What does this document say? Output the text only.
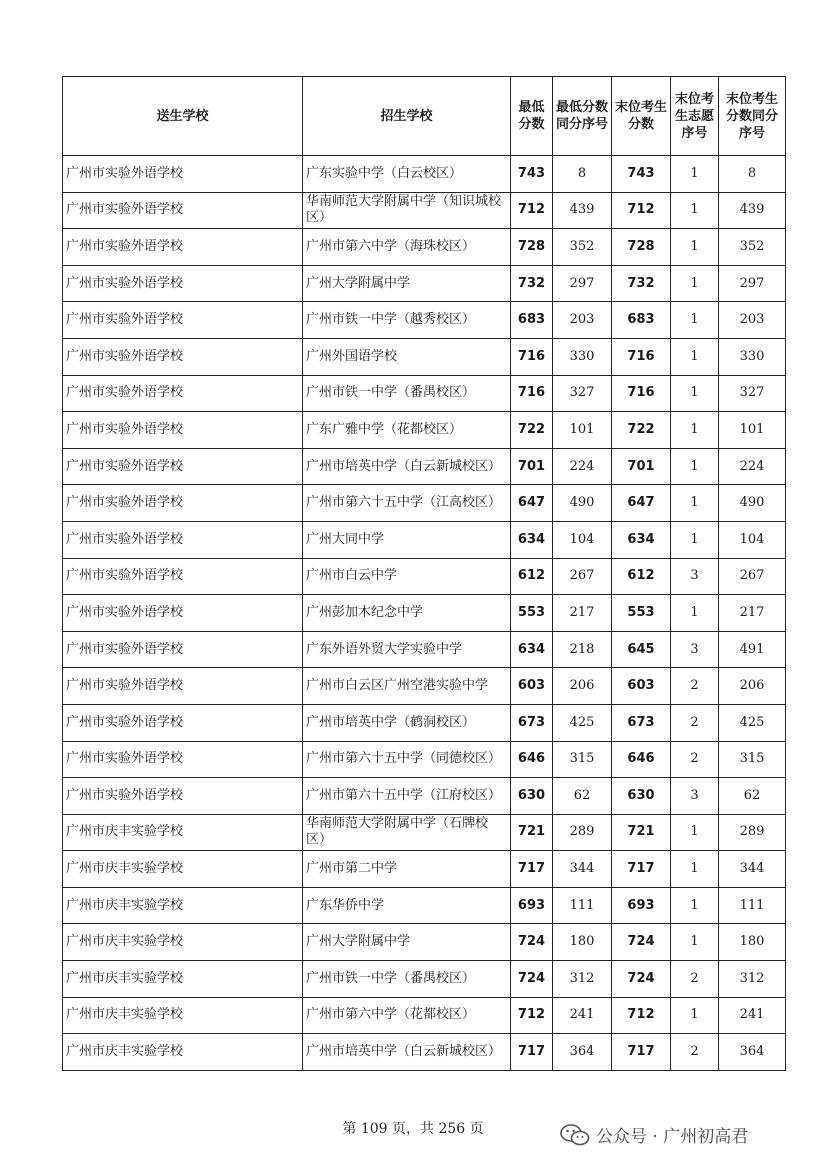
送生学校	招生学校	最低分数	最低分数同分序号	末位考生分数	末位考生志愿序号	末位考生分数同分序号
广州市实验外语学校	广东实验中学（白云校区）	743	8	743	1	8
广州市实验外语学校	华南师范大学附属中学（知识城校区）	712	439	712	1	439
广州市实验外语学校	广州市第六中学（海珠校区）	728	352	728	1	352
广州市实验外语学校	广州大学附属中学	732	297	732	1	297
广州市实验外语学校	广州市铁一中学（越秀校区）	683	203	683	1	203
广州市实验外语学校	广州外国语学校	716	330	716	1	330
广州市实验外语学校	广州市铁一中学（番禺校区）	716	327	716	1	327
广州市实验外语学校	广东广雅中学（花都校区）	722	101	722	1	101
广州市实验外语学校	广州市培英中学（白云新城校区）	701	224	701	1	224
广州市实验外语学校	广州市第六十五中学（江高校区）	647	490	647	1	490
广州市实验外语学校	广州大同中学	634	104	634	1	104
广州市实验外语学校	广州市白云中学	612	267	612	3	267
广州市实验外语学校	广州彭加木纪念中学	553	217	553	1	217
广州市实验外语学校	广东外语外贸大学实验中学	634	218	645	3	491
广州市实验外语学校	广州市白云区广州空港实验中学	603	206	603	2	206
广州市实验外语学校	广州市培英中学（鹤洞校区）	673	425	673	2	425
广州市实验外语学校	广州市第六十五中学（同德校区）	646	315	646	2	315
广州市实验外语学校	广州市第六十五中学（江府校区）	630	62	630	3	62
广州市庆丰实验学校	华南师范大学附属中学（石牌校区）	721	289	721	1	289
广州市庆丰实验学校	广州市第二中学	717	344	717	1	344
广州市庆丰实验学校	广东华侨中学	693	111	693	1	111
广州市庆丰实验学校	广州大学附属中学	724	180	724	1	180
广州市庆丰实验学校	广州市铁一中学（番禺校区）	724	312	724	2	312
广州市庆丰实验学校	广州市第六中学（花都校区）	712	241	712	1	241
广州市庆丰实验学校	广州市培英中学（白云新城校区）	717	364	717	2	364
第 109 页，共 256 页	公众号 · 广州初高君
